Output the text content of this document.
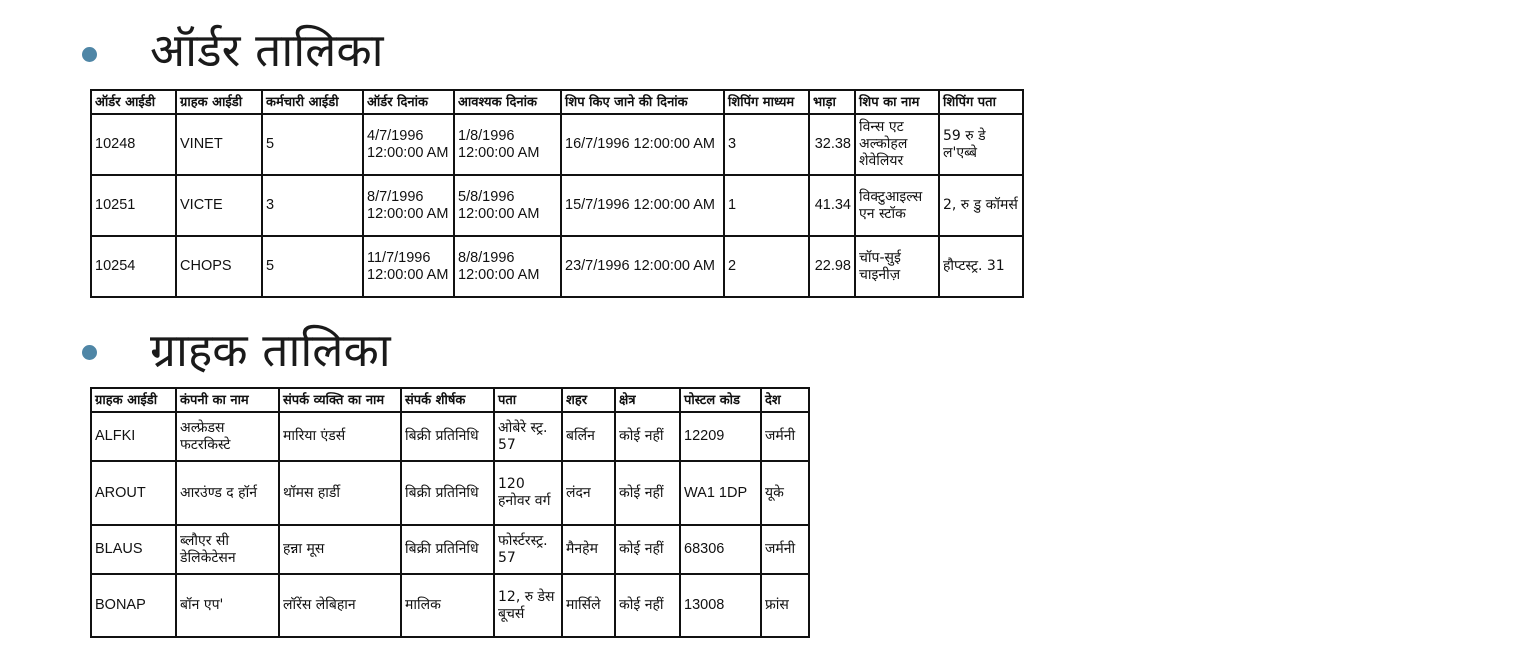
ऑर्डर तालिका
ऑर्डर आईडी	ग्राहक आईडी	कर्मचारी आईडी	ऑर्डर दिनांक	आवश्यक दिनांक	शिप किए जाने की दिनांक	शिपिंग माध्यम	भाड़ा	शिप का नाम	शिपिंग पता
10248	VINET	5	4/7/1996 12:00:00 AM	1/8/1996 12:00:00 AM	16/7/1996 12:00:00 AM	3	32.38	विन्स एट अल्कोहल शेवेलियर	59 रु डे ल'एब्बे
10251	VICTE	3	8/7/1996 12:00:00 AM	5/8/1996 12:00:00 AM	15/7/1996 12:00:00 AM	1	41.34	विक्टुआइल्स एन स्टॉक	2, रु डु कॉमर्स
10254	CHOPS	5	11/7/1996 12:00:00 AM	8/8/1996 12:00:00 AM	23/7/1996 12:00:00 AM	2	22.98	चॉप-सुई चाइनीज़	हौप्टस्ट्र. 31
ग्राहक तालिका
ग्राहक आईडी	कंपनी का नाम	संपर्क व्यक्ति का नाम	संपर्क शीर्षक	पता	शहर	क्षेत्र	पोस्टल कोड	देश
ALFKI	अल्फ्रेडस फटरकिस्टे	मारिया एंडर्स	बिक्री प्रतिनिधि	ओबेरे स्ट्र. 57	बर्लिन	कोई नहीं	12209	जर्मनी
AROUT	आरउंण्ड द हॉर्न	थॉमस हार्डी	बिक्री प्रतिनिधि	120 हनोवर वर्ग	लंदन	कोई नहीं	WA1 1DP	यूके
BLAUS	ब्लौएर सी डेलिकेटेसन	हन्ना मूस	बिक्री प्रतिनिधि	फोर्स्टरस्ट्र. 57	मैनहेम	कोई नहीं	68306	जर्मनी
BONAP	बॉन एप'	लॉरेंस लेबिहान	मालिक	12, रु डेस बूचर्स	मार्सिले	कोई नहीं	13008	फ्रांस
